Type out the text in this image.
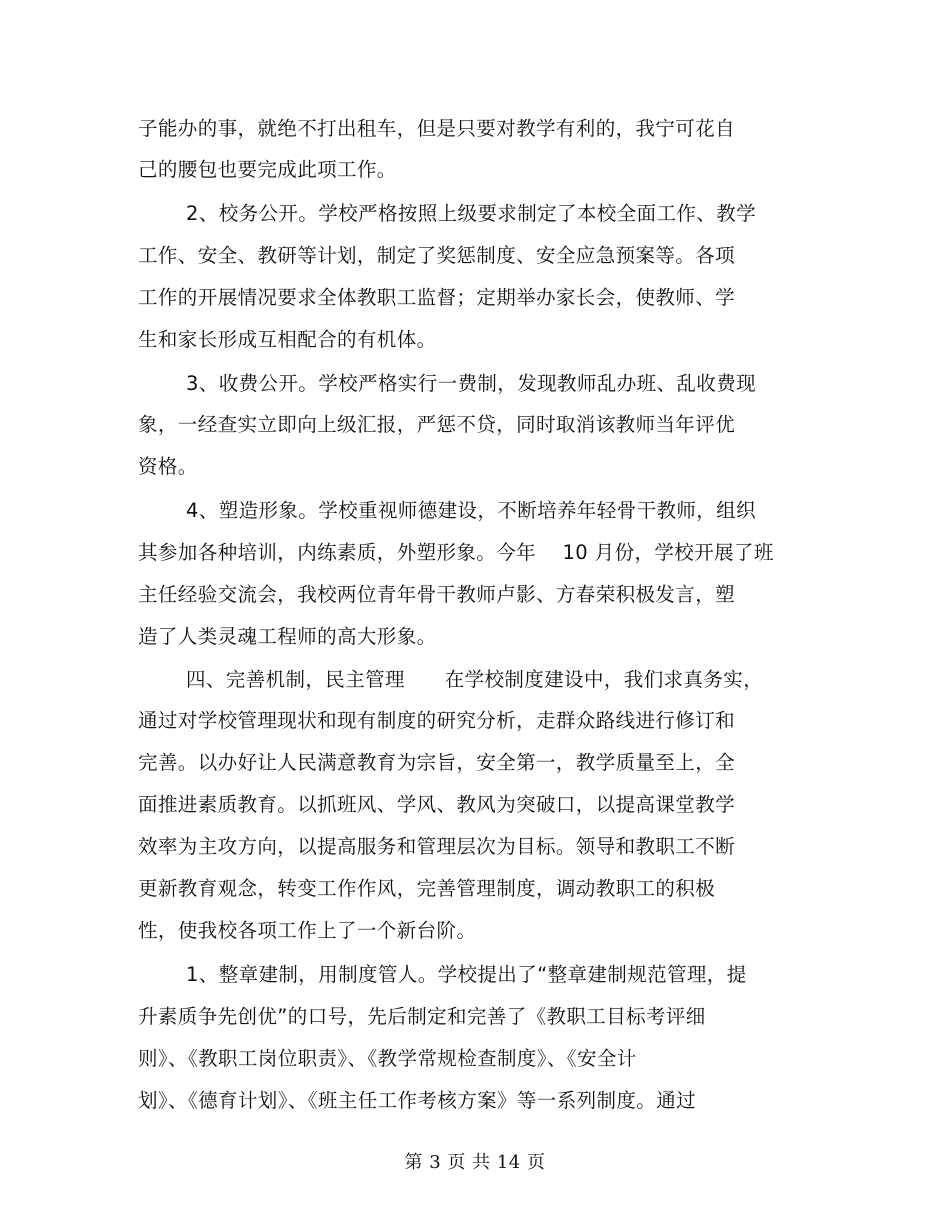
子能办的事，就绝不打出租车，但是只要对教学有利的，我宁可花自
己的腰包也要完成此项工作。
2、校务公开。学校严格按照上级要求制定了本校全面工作、教学
工作、安全、教研等计划，制定了奖惩制度、安全应急预案等。各项
工作的开展情况要求全体教职工监督；定期举办家长会，使教师、学
生和家长形成互相配合的有机体。
3、收费公开。学校严格实行一费制，发现教师乱办班、乱收费现
象，一经查实立即向上级汇报，严惩不贷，同时取消该教师当年评优
资格。
4、塑造形象。学校重视师德建设，不断培养年轻骨干教师，组织
其参加各种培训，内练素质，外塑形象。今年　 10 月份，学校开展了班
主任经验交流会，我校两位青年骨干教师卢影、方春荣积极发言，塑
造了人类灵魂工程师的高大形象。
四、完善机制，民主管理　　在学校制度建设中，我们求真务实，
通过对学校管理现状和现有制度的研究分析，走群众路线进行修订和
完善。以办好让人民满意教育为宗旨，安全第一，教学质量至上，全
面推进素质教育。以抓班风、学风、教风为突破口，以提高课堂教学
效率为主攻方向，以提高服务和管理层次为目标。领导和教职工不断
更新教育观念，转变工作作风，完善管理制度，调动教职工的积极
性，使我校各项工作上了一个新台阶。
1、整章建制，用制度管人。学校提出了“整章建制规范管理，提
升素质争先创优”的口号，先后制定和完善了《教职工目标考评细
则》、《教职工岗位职责》、《教学常规检查制度》、《安全计
划》、《德育计划》、《班主任工作考核方案》等一系列制度。通过
第 3 页 共 14 页
